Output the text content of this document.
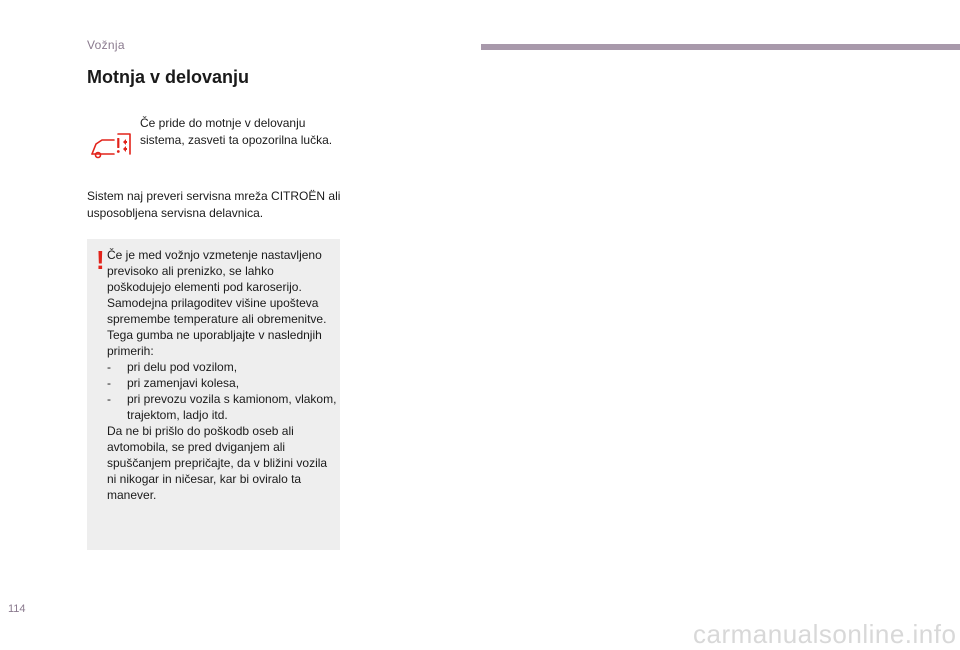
Vožnja
Motnja v delovanju
Če pride do motnje v delovanju sistema, zasveti ta opozorilna lučka.
Sistem naj preveri servisna mreža CITROËN ali usposobljena servisna delavnica.
! Če je med vožnjo vzmetenje nastavljeno previsoko ali prenizko, se lahko poškodujejo elementi pod karoserijo.

Samodejna prilagoditev višine upošteva spremembe temperature ali obremenitve.

Tega gumba ne uporabljajte v naslednjih primerih:

- pri delu pod vozilom,

- pri zamenjavi kolesa,

- pri prevozu vozila s kamionom, vlakom, trajektom, ladjo itd.

Da ne bi prišlo do poškodb oseb ali avtomobila, se pred dviganjem ali spuščanjem prepričajte, da v bližini vozila ni nikogar in ničesar, kar bi oviralo ta manever.

114
carmanualsonline.info
